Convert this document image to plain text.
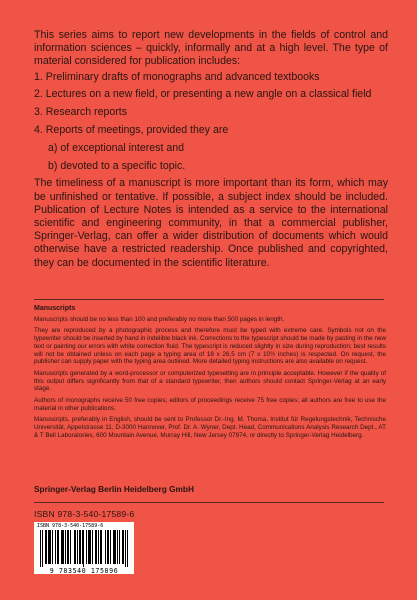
This series aims to report new developments in the fields of control and information sciences – quickly, informally and at a high level. The type of material considered for publication includes:

1. Preliminary drafts of monographs and advanced textbooks
2. Lectures on a new field, or presenting a new angle on a classical field
3. Research reports
4. Reports of meetings, provided they are
a) of exceptional interest and
b) devoted to a specific topic.

The timeliness of a manuscript is more important than its form, which may be unfinished or tentative. If possible, a subject index should be included. Publication of Lecture Notes is intended as a service to the international scientific and engineering community, in that a commercial publisher, Springer-Verlag, can offer a wider distribution of documents which would otherwise have a restricted readership. Once published and copyrighted, they can be documented in the scientific literature.

Manuscripts

Manuscripts should be no less than 100 and preferably no more than 500 pages in length.

They are reproduced by a photographic process and therefore must be typed with extreme care. Symbols not on the typewriter should be inserted by hand in indelible black ink. Corrections to the typescript should be made by pasting in the new text or painting our errors with white correction fluid. The typescript is reduced slightly in size during reproduction; best results will not be obtained unless on each page a typing area of 18 x 26,5 cm (7 x 10½ inches) is respected. On request, the publisher can supply paper with the typing area outlined. More detailed typing instructions are also available on request.

Manuscripts generated by a word-processor or computerized typesetting are in principle acceptable. However if the quality of this output differs significantly from that of a standard typewriter, then authors should contact Springer-Verlag at an early stage.

Authors of monographs receive 50 free copies; editors of proceedings receive 75 free copies; all authors are free to use the material in other publications.

Manuscripts, preferably in English, should be sent to Professor Dr.-Ing. M. Thoma, Institut für Regelungstechnik, Technische Universität, Appelstrasse 11, D-3000 Hannover, Prof. Dr. A. Wyner, Dept. Head, Communications Analysis Research Dept., AT & T Bell Laboratories, 600 Mountain Avenue, Murray Hill, New Jersey 07974, or directly to Springer-Verlag Heidelberg.

Springer-Verlag Berlin Heidelberg GmbH
ISBN 978-3-540-17589-6
ISBN 978-3-540-17589-6
9 783540 175896
